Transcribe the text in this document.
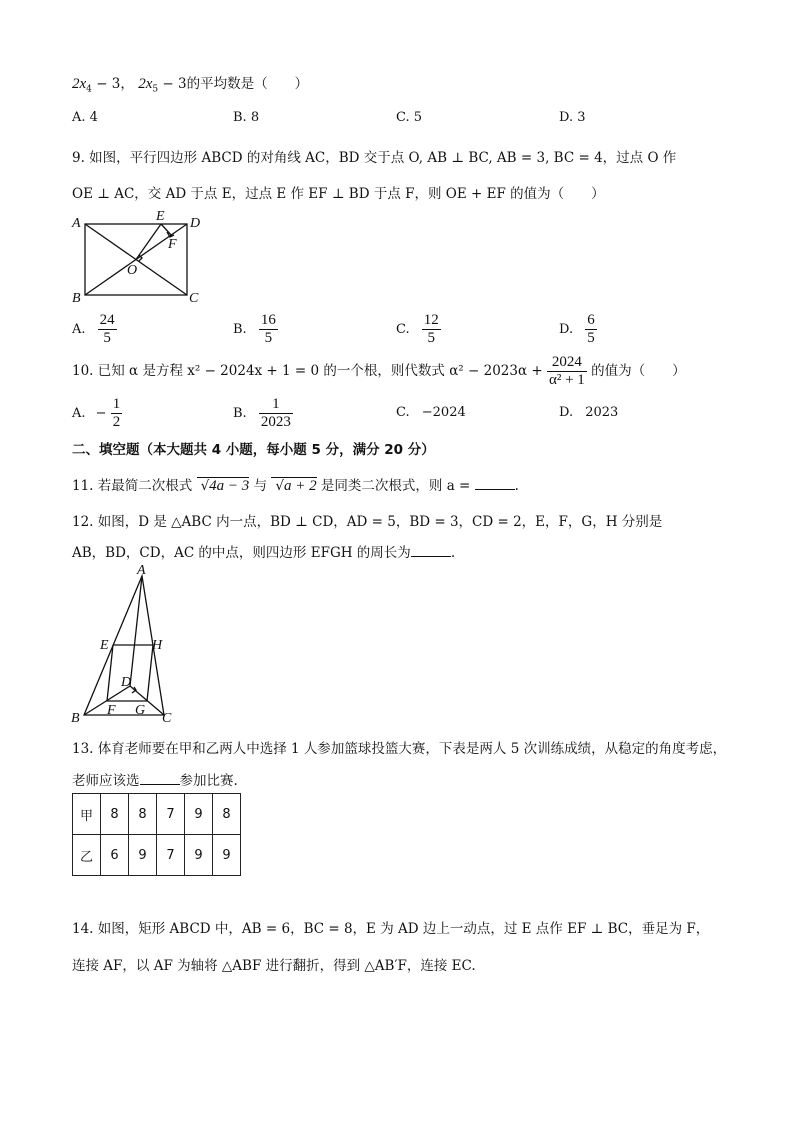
$2x_4 - 3$， $2x_5 - 3$的平均数是（　　）
A. 4	B. 8	C. 5	D. 3
9. 如图，平行四边形 ABCD 的对角线 AC，BD 交于点 O, AB ⊥ BC, AB = 3, BC = 4，过点 O 作
OE ⊥ AC，交 AD 于点 E，过点 E 作 EF ⊥ BD 于点 F，则 OE + EF 的值为（　　）
A
B	C
D
E
F
O
A. $\frac{24}{5}$	B. $\frac{16}{5}$	C. $\frac{12}{5}$	D. $\frac{6}{5}$
10. 已知 α 是方程 x² − 2024x + 1 = 0 的一个根，则代数式 $\alpha^2 - 2023\alpha + \frac{2024}{\text{α² + 1}}$ 的值为（　　）
A. − $\frac{1}{2}$	B. $\frac{1}{2023}$	C. −2024	D. 2023
二、填空题（本大题共 4 小题，每小题 5 分，满分 20 分）
11. 若最简二次根式 √4a − 3 与 √a + 2 是同类二次根式，则 a =	.
12. 如图，D 是 △ABC 内一点，BD ⊥ CD，AD = 5，BD = 3，CD = 2，E，F，G，H 分别是
AB，BD，CD，AC 的中点，则四边形 EFGH 的周长为	.
A
B	C
D
E
F G
H
13. 体育老师要在甲和乙两人中选择 1 人参加篮球投篮大赛，下表是两人 5 次训练成绩，从稳定的角度考虑，
老师应该选	参加比赛.
甲	8	8	7	9	8
乙	6	9	7	9	9
14. 如图，矩形 ABCD 中，AB = 6，BC = 8，E 为 AD 边上一动点，过 E 点作 EF ⊥ BC，垂足为 F，
连接 AF，以 AF 为轴将 △ABF 进行翻折，得到 △AB′F，连接 EC.
